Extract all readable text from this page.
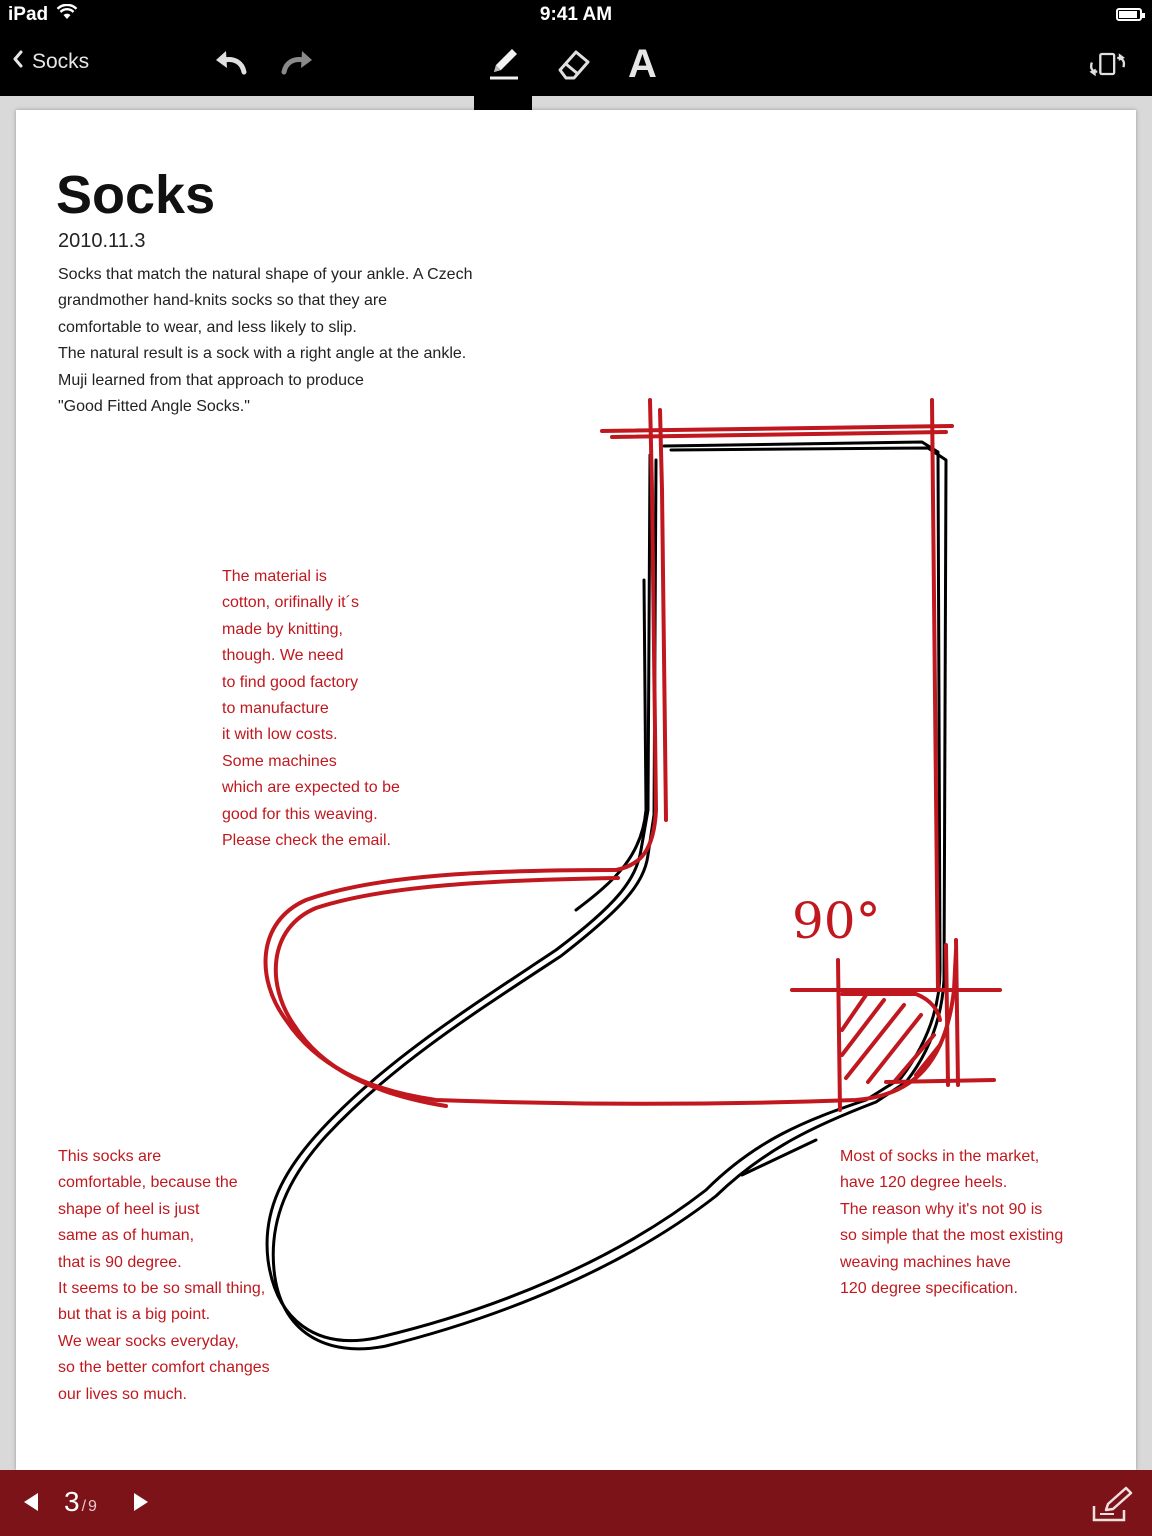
iPad	9:41 AM
Socks	A
Socks
2010.11.3
Socks that match the natural shape of your ankle. A Czech
grandmother hand-knits socks so that they are
comfortable to wear, and less likely to slip.
The natural result is a sock with a right angle at the ankle.
Muji learned from that approach to produce
"Good Fitted Angle Socks."
90°
The material is
cotton, orifinally it´s
made by knitting,
though. We need
to find good factory
to manufacture
it with low costs.
Some machines
which are expected to be
good for this weaving.
Please check the email.
This socks are
comfortable, because the
shape of heel is just
same as of human,
that is 90 degree.
It seems to be so small thing,
but that is a big point.
We wear socks everyday,
so the better comfort changes
our lives so much.
Most of socks in the market,
have 120 degree heels.
The reason why it's not 90 is
so simple that the most existing
weaving machines have
120 degree specification.
3 / 9
